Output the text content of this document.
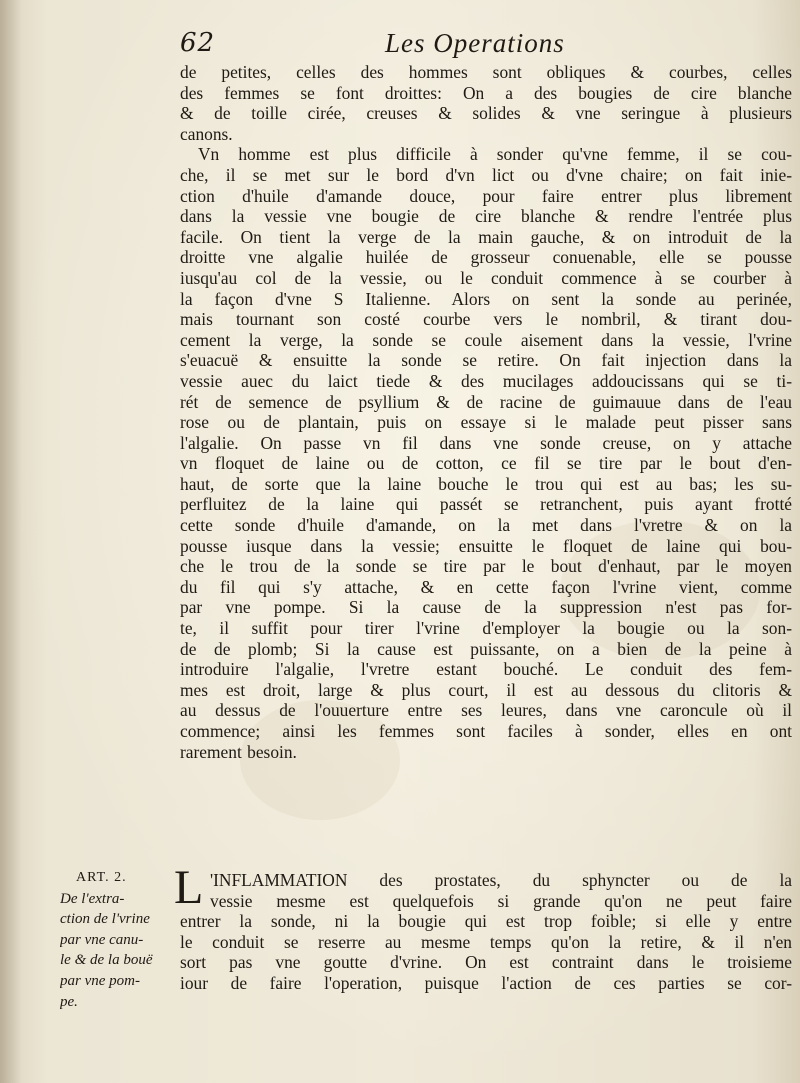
62	Les Operations
de petites, celles des hommes sont obliques & courbes, celles
des femmes se font droittes: On a des bougies de cire blanche
& de toille cirée, creuses & solides & vne seringue à plusieurs
canons.
Vn homme est plus difficile à sonder qu'vne femme, il se cou-
che, il se met sur le bord d'vn lict ou d'vne chaire; on fait inie-
ction d'huile d'amande douce, pour faire entrer plus librement
dans la vessie vne bougie de cire blanche & rendre l'entrée plus
facile. On tient la verge de la main gauche, & on introduit de la
droitte vne algalie huilée de grosseur conuenable, elle se pousse
iusqu'au col de la vessie, ou le conduit commence à se courber à
la façon d'vne S Italienne. Alors on sent la sonde au perinée,
mais tournant son costé courbe vers le nombril, & tirant dou-
cement la verge, la sonde se coule aisement dans la vessie, l'vrine
s'euacuë & ensuitte la sonde se retire. On fait injection dans la
vessie auec du laict tiede & des mucilages addoucissans qui se ti-
rét de semence de psyllium & de racine de guimauue dans de l'eau
rose ou de plantain, puis on essaye si le malade peut pisser sans
l'algalie. On passe vn fil dans vne sonde creuse, on y attache
vn floquet de laine ou de cotton, ce fil se tire par le bout d'en-
haut, de sorte que la laine bouche le trou qui est au bas; les su-
perfluitez de la laine qui passét se retranchent, puis ayant frotté
cette sonde d'huile d'amande, on la met dans l'vretre & on la
pousse iusque dans la vessie; ensuitte le floquet de laine qui bou-
che le trou de la sonde se tire par le bout d'enhaut, par le moyen
du fil qui s'y attache, & en cette façon l'vrine vient, comme
par vne pompe. Si la cause de la suppression n'est pas for-
te, il suffit pour tirer l'vrine d'employer la bougie ou la son-
de de plomb; Si la cause est puissante, on a bien de la peine à
introduire l'algalie, l'vretre estant bouché. Le conduit des fem-
mes est droit, large & plus court, il est au dessous du clitoris &
au dessus de l'ouuerture entre ses leures, dans vne caroncule où il
commence; ainsi les femmes sont faciles à sonder, elles en ont
rarement besoin.
ART. 2.
De l'extra-
ction de l'vrine
par vne canu-
le & de la bouë
par vne pom-
pe.
L 'INFLAMMATION des prostates, du sphyncter ou de la
vessie mesme est quelquefois si grande qu'on ne peut faire
entrer la sonde, ni la bougie qui est trop foible; si elle y entre
le conduit se reserre au mesme temps qu'on la retire, & il n'en
sort pas vne goutte d'vrine. On est contraint dans le troisieme
iour de faire l'operation, puisque l'action de ces parties se cor-
